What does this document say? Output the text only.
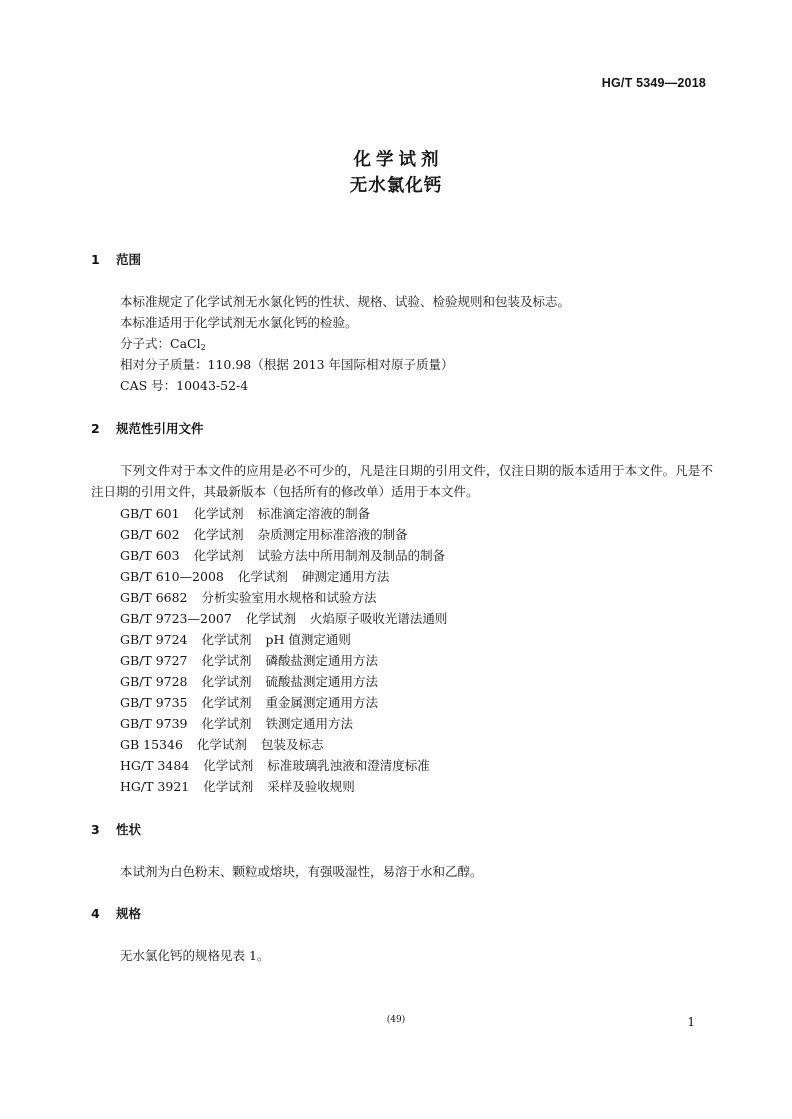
HG/T 5349—2018
化学试剂
无水氯化钙
1 范围
本标准规定了化学试剂无水氯化钙的性状、规格、试验、检验规则和包装及标志。
本标准适用于化学试剂无水氯化钙的检验。
分子式：CaCl$_2$
相对分子质量：110.98（根据 2013 年国际相对原子质量）
CAS 号：10043-52-4
2 规范性引用文件
下列文件对于本文件的应用是必不可少的，凡是注日期的引用文件，仅注日期的版本适用于本文件。凡是不注日期的引用文件，其最新版本（包括所有的修改单）适用于本文件。
GB/T 601 化学试剂 标准滴定溶液的制备
GB/T 602 化学试剂 杂质测定用标准溶液的制备
GB/T 603 化学试剂 试验方法中所用制剂及制品的制备
GB/T 610—2008 化学试剂 砷测定通用方法
GB/T 6682 分析实验室用水规格和试验方法
GB/T 9723—2007 化学试剂 火焰原子吸收光谱法通则
GB/T 9724 化学试剂 pH 值测定通则
GB/T 9727 化学试剂 磷酸盐测定通用方法
GB/T 9728 化学试剂 硫酸盐测定通用方法
GB/T 9735 化学试剂 重金属测定通用方法
GB/T 9739 化学试剂 铁测定通用方法
GB 15346 化学试剂 包装及标志
HG/T 3484 化学试剂 标准玻璃乳浊液和澄清度标准
HG/T 3921 化学试剂 采样及验收规则
3 性状
本试剂为白色粉末、颗粒或熔块，有强吸湿性，易溶于水和乙醇。
4 规格
无水氯化钙的规格见表 1。
(49)	1
